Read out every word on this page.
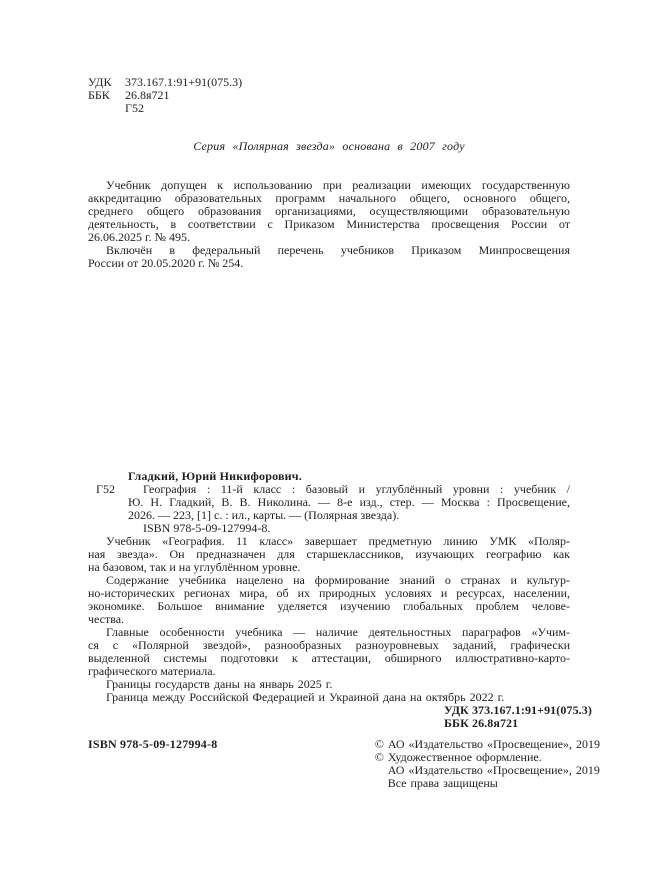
УДК	373.167.1:91+91(075.3)
ББК	26.8я721
Г52
Серия «Полярная звезда» основана в 2007 году
Учебник допущен к использованию при реализации имеющих государственную
аккредитацию образовательных программ начального общего, основного общего,
среднего общего образования организациями, осуществляющими образовательную
деятельность, в соответствии с Приказом Министерства просвещения России от
26.06.2025 г. № 495.
Включён в федеральный перечень учебников Приказом Минпросвещения
России от 20.05.2020 г. № 254.
Г52
Гладкий, Юрий Никифорович.
География : 11-й класс : базовый и углублённый уровни : учебник /
Ю. Н. Гладкий, В. В. Николина. — 8-е изд., стер. — Москва : Просвещение,
2026. — 223, [1] с. : ил., карты. — (Полярная звезда).
ISBN 978-5-09-127994-8.
Учебник «География. 11 класс» завершает предметную линию УМК «Поляр-
ная звезда». Он предназначен для старшеклассников, изучающих географию как
на базовом, так и на углублённом уровне.
Содержание учебника нацелено на формирование знаний о странах и культур-
но-исторических регионах мира, об их природных условиях и ресурсах, населении,
экономике. Большое внимание уделяется изучению глобальных проблем челове-
чества.
Главные особенности учебника — наличие деятельностных параграфов «Учим-
ся с «Полярной звездой», разнообразных разноуровневых заданий, графически
выделенной системы подготовки к аттестации, обширного иллюстративно-карто-
графического материала.
Границы государств даны на январь 2025 г.
Граница между Российской Федерацией и Украиной дана на октябрь 2022 г.
УДК 373.167.1:91+91(075.3)
ББК 26.8я721
ISBN 978-5-09-127994-8	© АО «Издательство «Просвещение», 2019
© Художественное оформление.
АО «Издательство «Просвещение», 2019
Все права защищены
